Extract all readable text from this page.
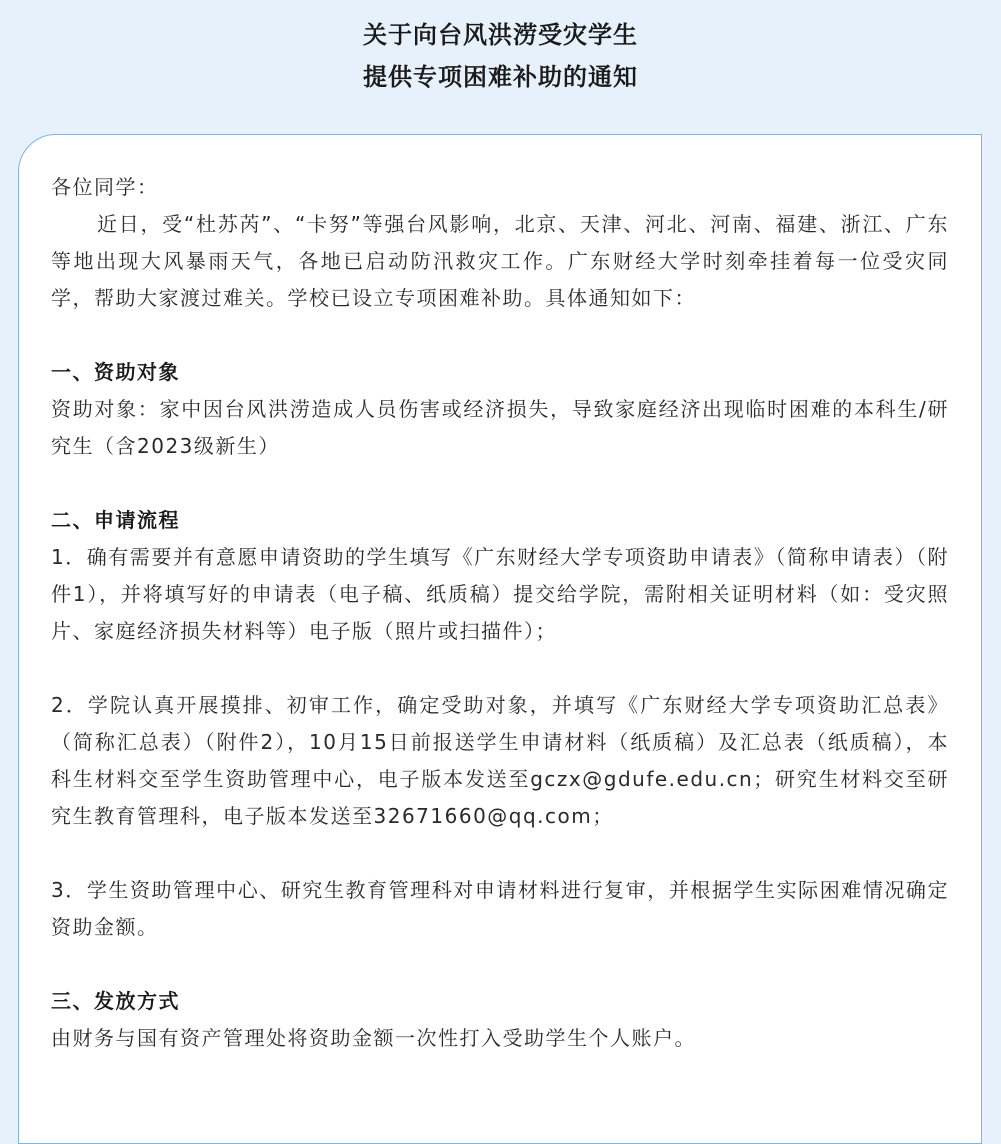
关于向台风洪涝受灾学生
提供专项困难补助的通知

各位同学：

近日，受“杜苏芮”、“卡努”等强台风影响，北京、天津、河北、河南、福建、浙江、广东等地出现大风暴雨天气，各地已启动防汛救灾工作。广东财经大学时刻牵挂着每一位受灾同学，帮助大家渡过难关。学校已设立专项困难补助。具体通知如下：

一、资助对象

资助对象：家中因台风洪涝造成人员伤害或经济损失，导致家庭经济出现临时困难的本科生/研究生（含2023级新生）

二、申请流程

1．确有需要并有意愿申请资助的学生填写《广东财经大学专项资助申请表》（简称申请表）（附件1），并将填写好的申请表（电子稿、纸质稿）提交给学院，需附相关证明材料（如：受灾照片、家庭经济损失材料等）电子版（照片或扫描件）；

2．学院认真开展摸排、初审工作，确定受助对象，并填写《广东财经大学专项资助汇总表》（简称汇总表）（附件2），10月15日前报送学生申请材料（纸质稿）及汇总表（纸质稿），本科生材料交至学生资助管理中心，电子版本发送至gczx@gdufe.edu.cn；研究生材料交至研究生教育管理科，电子版本发送至32671660@qq.com；

3．学生资助管理中心、研究生教育管理科对申请材料进行复审，并根据学生实际困难情况确定资助金额。

三、发放方式

由财务与国有资产管理处将资助金额一次性打入受助学生个人账户。
